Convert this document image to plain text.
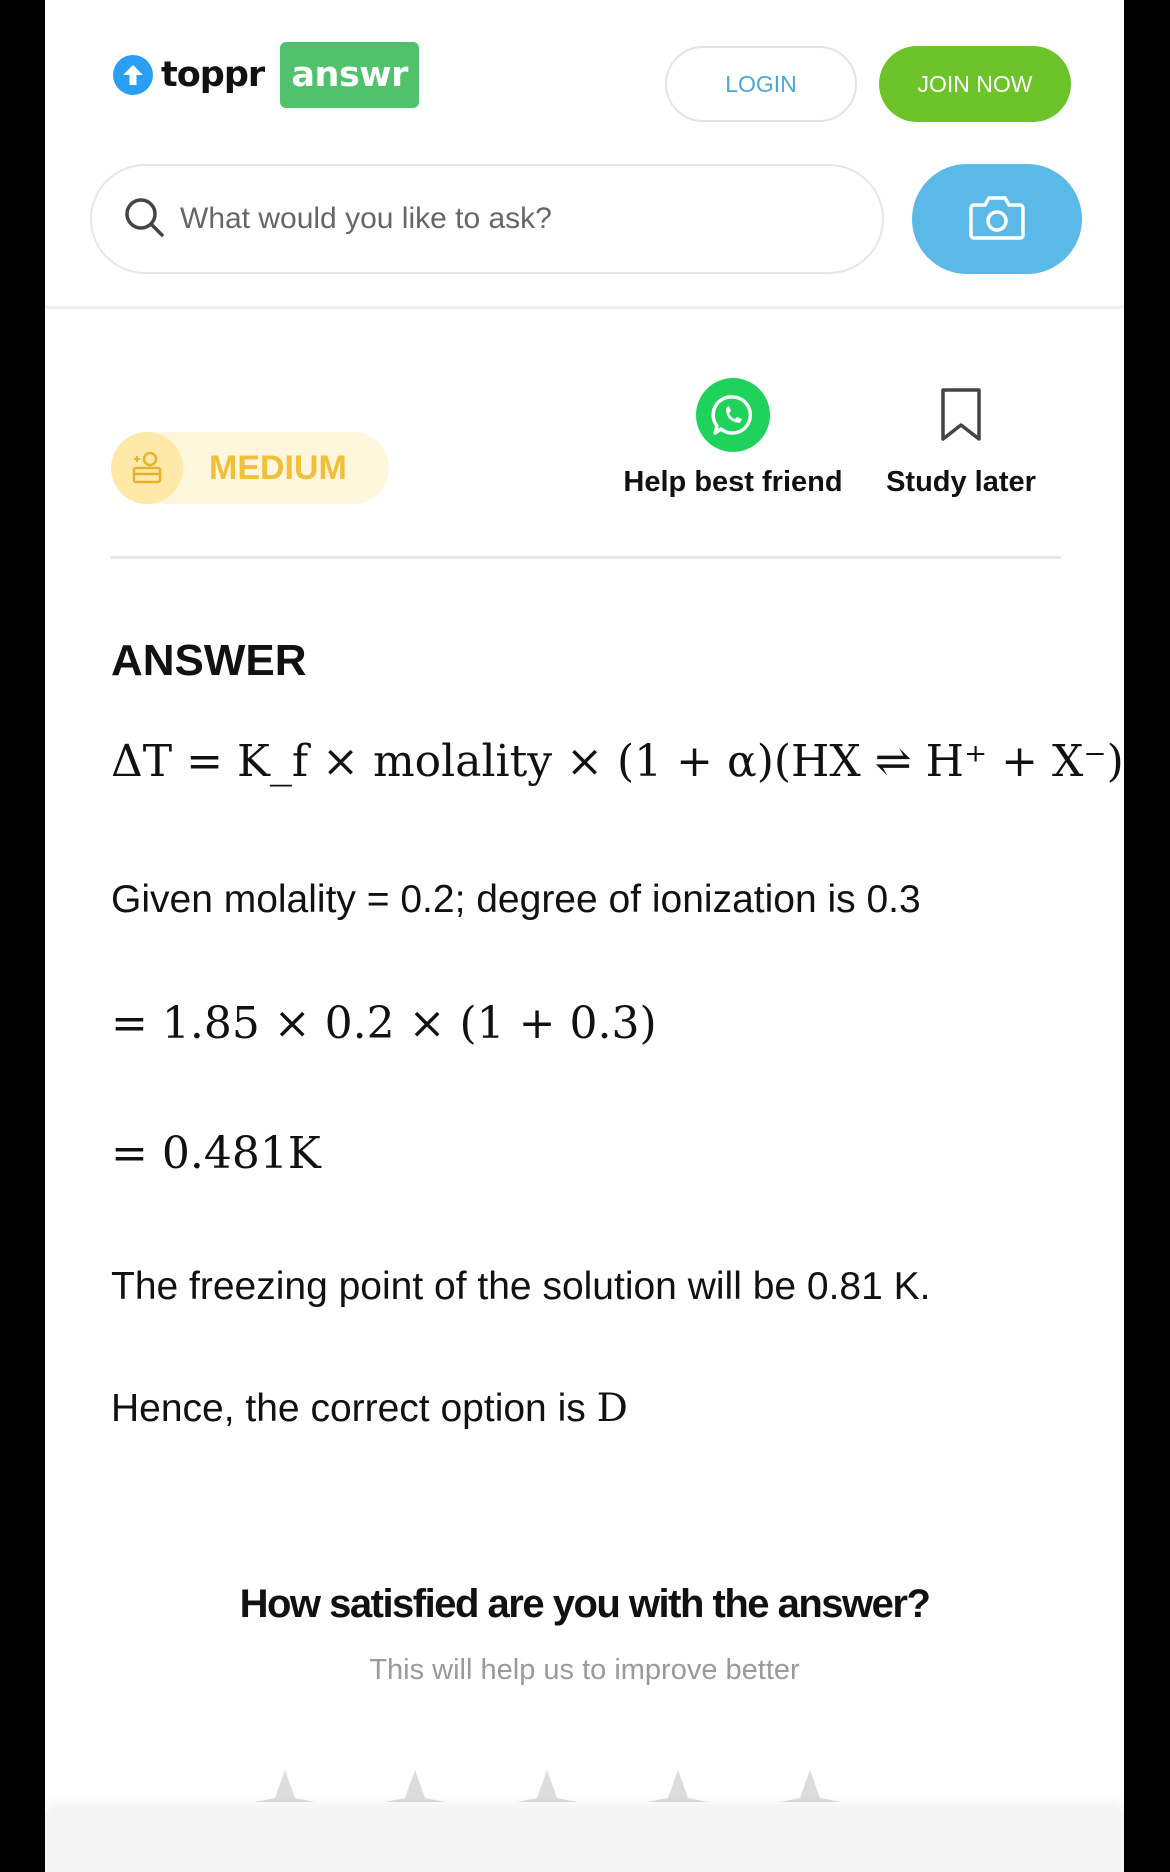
toppr answr	LOGIN	JOIN NOW
What would you like to ask?
MEDIUM	Help best friend Study later
ANSWER
ΔT = K_f × molality × (1 + α)(HX ⇌ H⁺ + X⁻)
Given molality = 0.2; degree of ionization is 0.3
= 1.85 × 0.2 × (1 + 0.3)
= 0.481K
The freezing point of the solution will be 0.81 K.
Hence, the correct option is D
How satisfied are you with the answer?
This will help us to improve better
